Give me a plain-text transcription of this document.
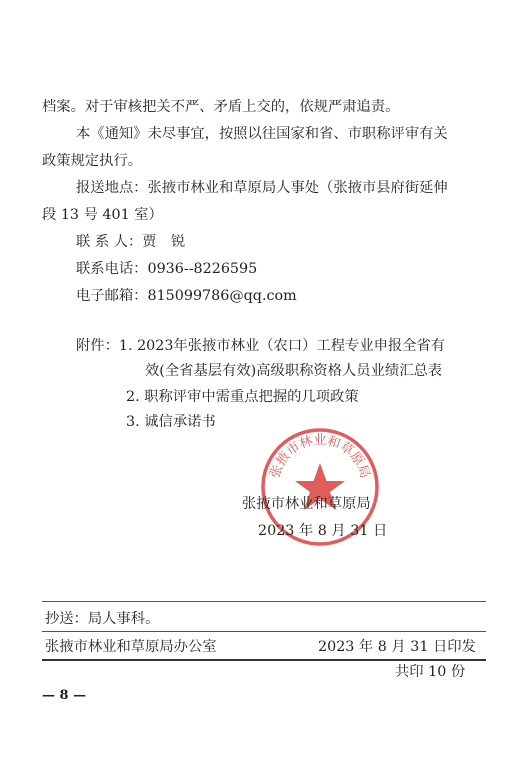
档案。对于审核把关不严、矛盾上交的，依规严肃追责。
本《通知》未尽事宜，按照以往国家和省、市职称评审有关
政策规定执行。
报送地点：张掖市林业和草原局人事处（张掖市县府街延伸
段 13 号 401 室）
联 系 人：贾　锐
联系电话：0936--8226595
电子邮箱：815099786@qq.com
附件：1. 2023年张掖市林业（农口）工程专业申报全省有
效(全省基层有效)高级职称资格人员业绩汇总表
2. 职称评审中需重点把握的几项政策
3. 诚信承诺书
张掖市林业和草原局
张掖市林业和草原局
2023 年 8 月 31 日
抄送：局人事科。
张掖市林业和草原局办公室	2023 年 8 月 31 日印发
共印 10 份
— 8 —
